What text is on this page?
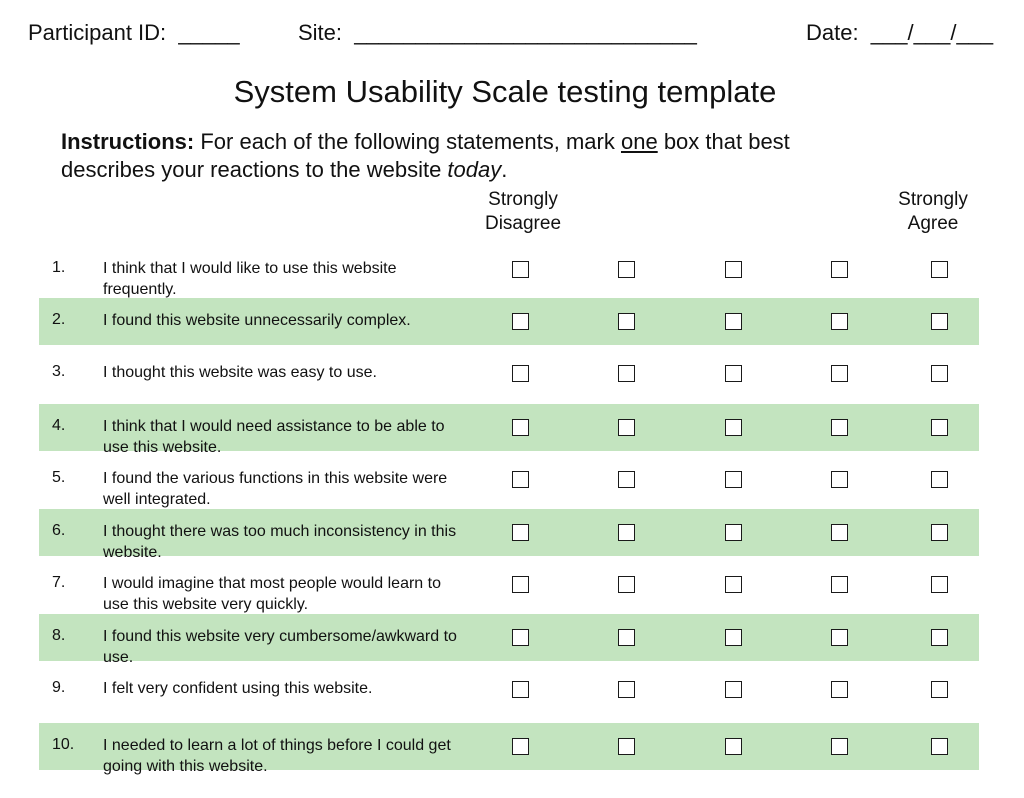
Participant ID:  _____	Site:  ____________________________	Date:  ___/___/___
System Usability Scale testing template
Instructions: For each of the following statements, mark one box that best describes your reactions to the website today.
Strongly
Disagree
Strongly
Agree
1. I think that I would like to use this website frequently.
2. I found this website unnecessarily complex.
3. I thought this website was easy to use.
4. I think that I would need assistance to be able to use this website.
5. I found the various functions in this website were well integrated.
6. I thought there was too much inconsistency in this website.
7. I would imagine that most people would learn to use this website very quickly.
8. I found this website very cumbersome/awkward to use.
9. I felt very confident using this website.
10. I needed to learn a lot of things before I could get going with this website.
